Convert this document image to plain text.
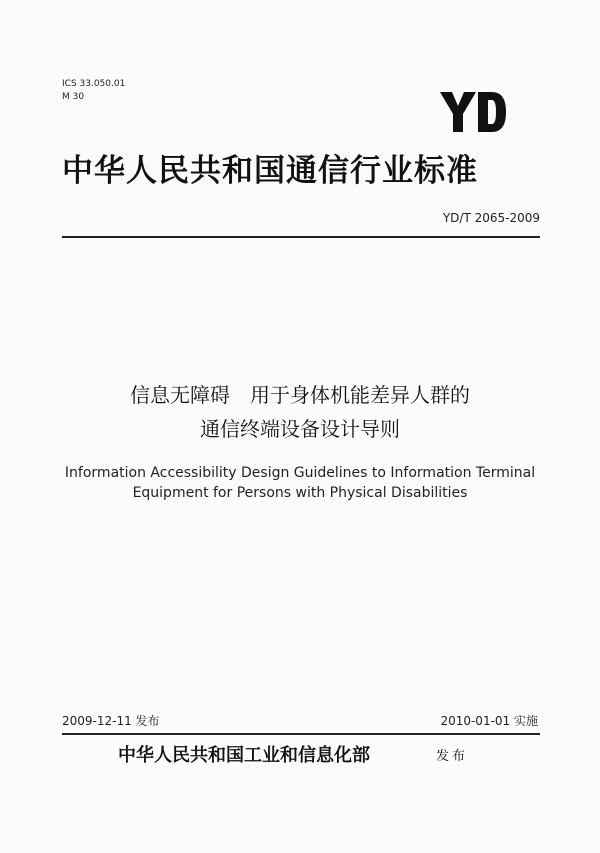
ICS 33.050.01
M 30
中华人民共和国通信行业标准
YD/T 2065-2009
信息无障碍　用于身体机能差异人群的
通信终端设备设计导则
Information Accessibility Design Guidelines to Information Terminal
Equipment for Persons with Physical Disabilities
2009-12-11 发布	2010-01-01 实施
中华人民共和国工业和信息化部	发布
